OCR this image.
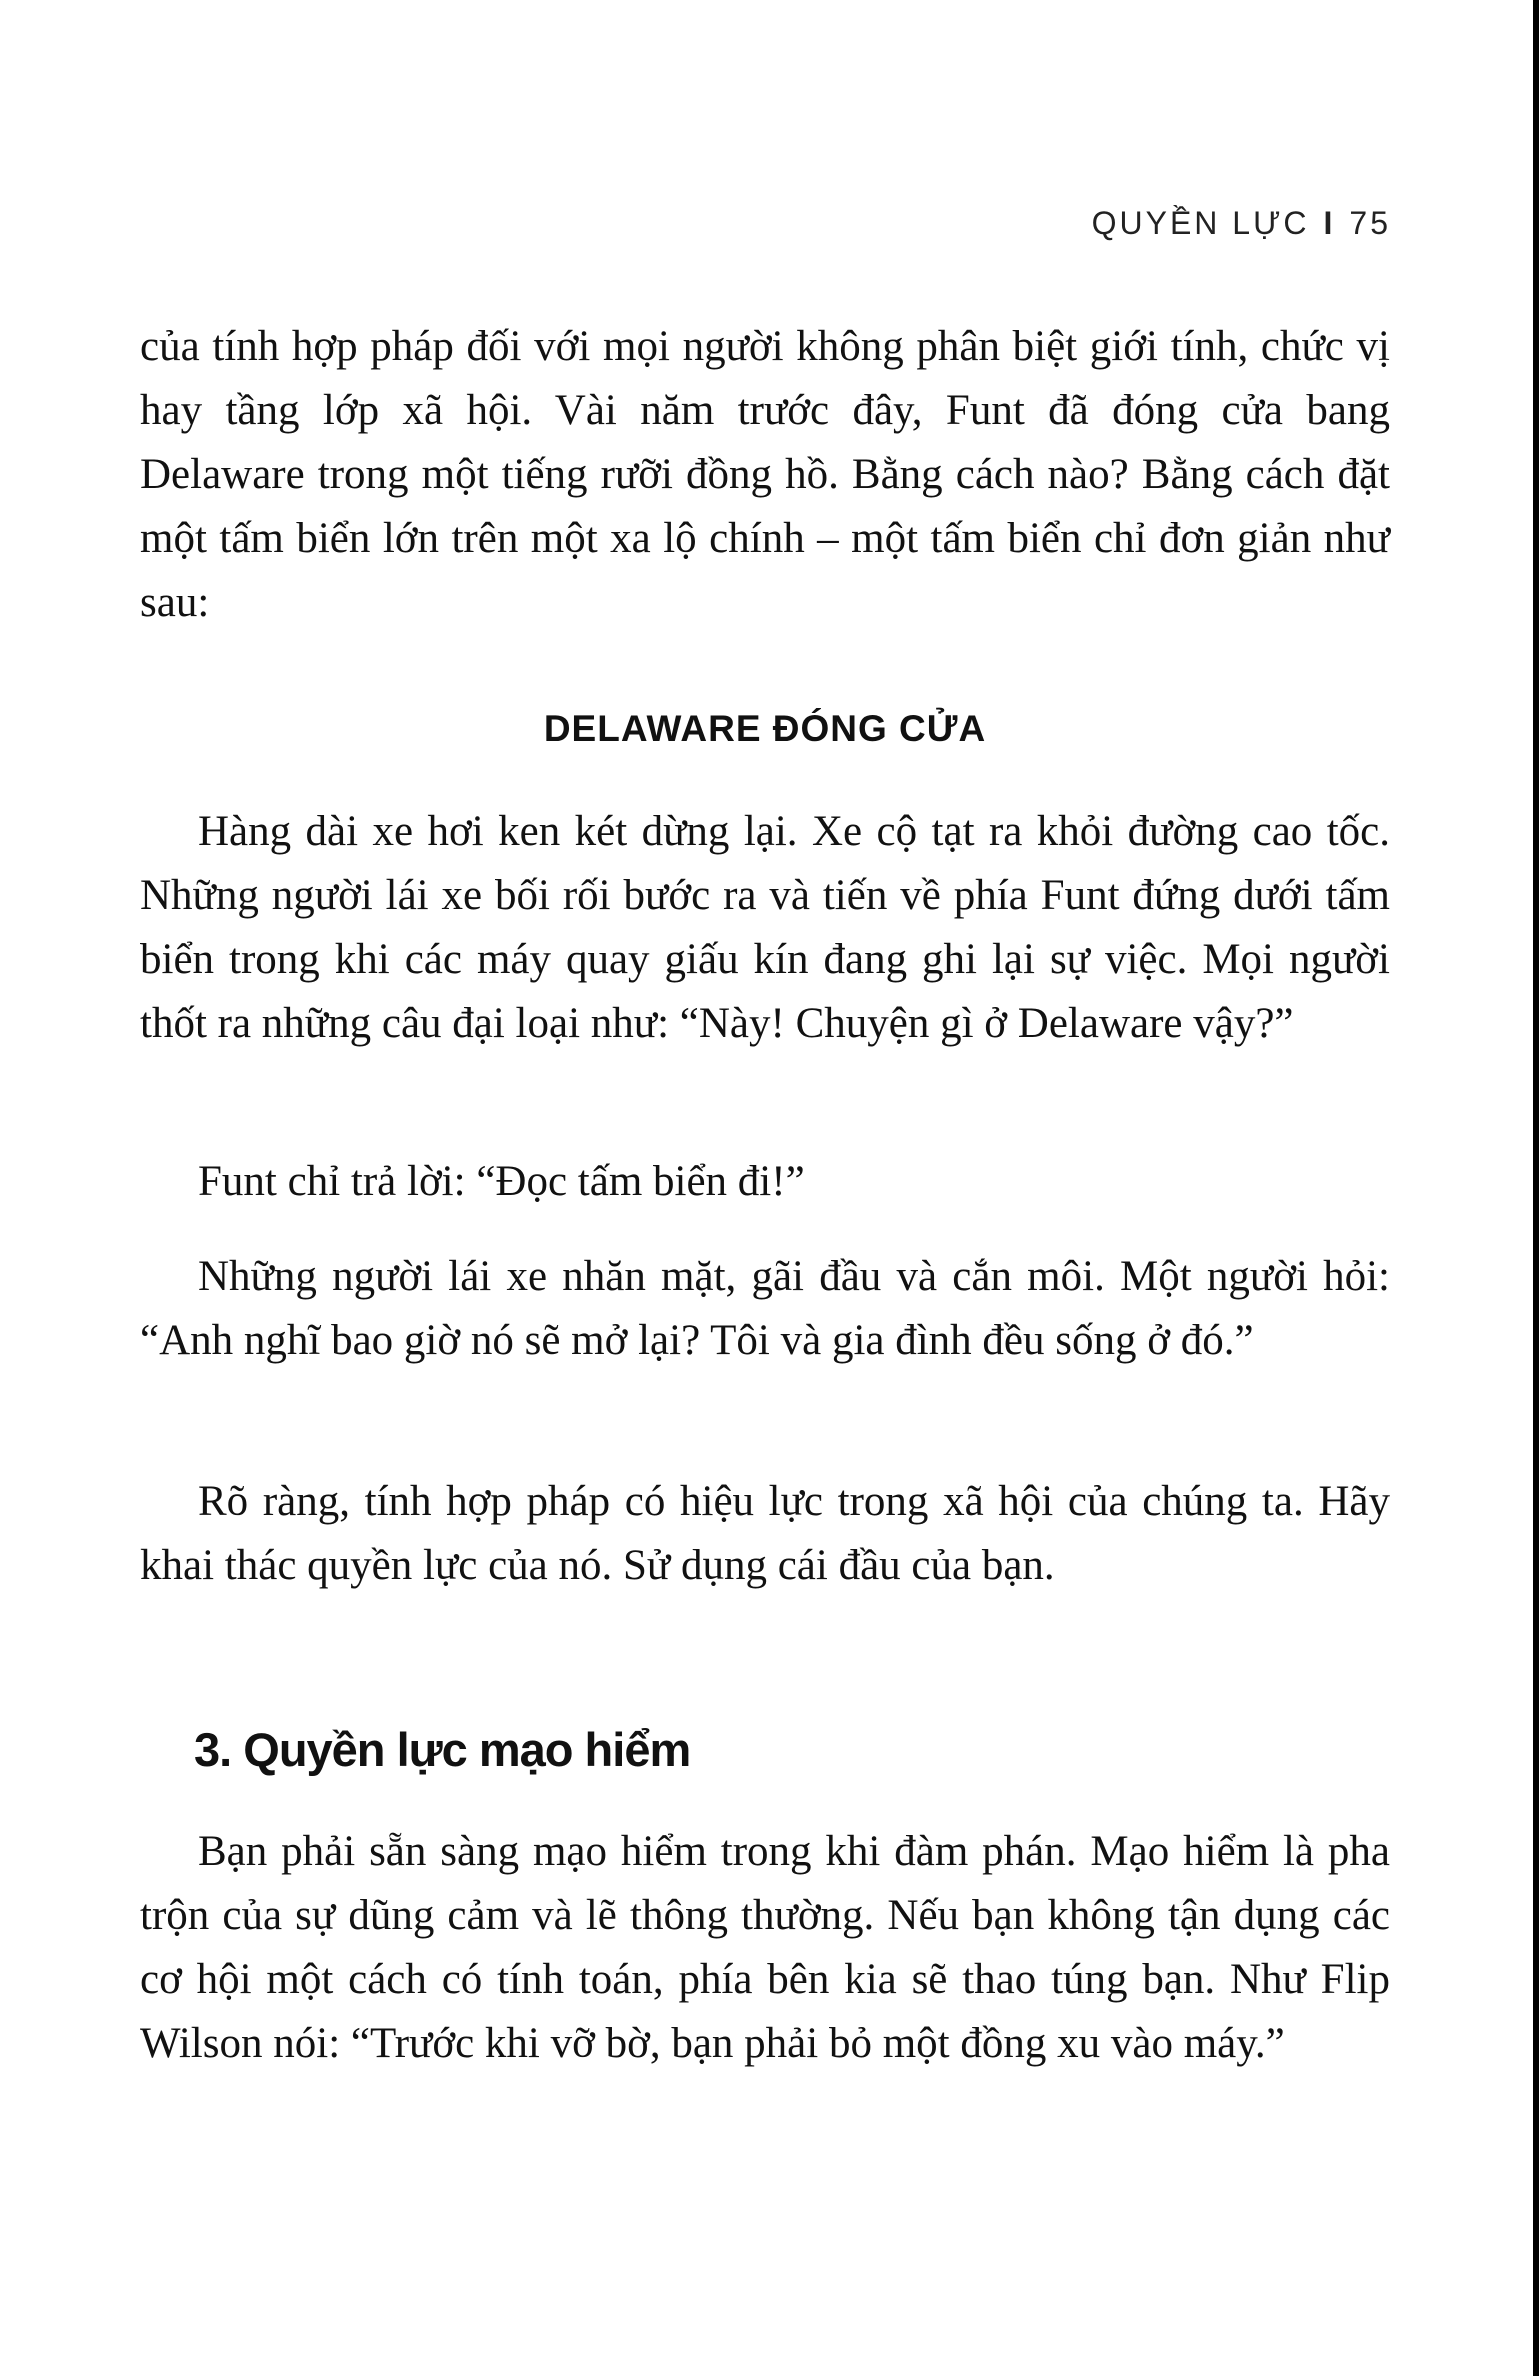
QUYỀN LỰC I 75

của tính hợp pháp đối với mọi người không phân biệt giới tính, chức vị hay tầng lớp xã hội. Vài năm trước đây, Funt đã đóng cửa bang Delaware trong một tiếng rưỡi đồng hồ. Bằng cách nào? Bằng cách đặt một tấm biển lớn trên một xa lộ chính – một tấm biển chỉ đơn giản như sau:

DELAWARE ĐÓNG CỬA

Hàng dài xe hơi ken két dừng lại. Xe cộ tạt ra khỏi đường cao tốc. Những người lái xe bối rối bước ra và tiến về phía Funt đứng dưới tấm biển trong khi các máy quay giấu kín đang ghi lại sự việc. Mọi người thốt ra những câu đại loại như: “Này! Chuyện gì ở Delaware vậy?”

Funt chỉ trả lời: “Đọc tấm biển đi!”

Những người lái xe nhăn mặt, gãi đầu và cắn môi. Một người hỏi: “Anh nghĩ bao giờ nó sẽ mở lại? Tôi và gia đình đều sống ở đó.”

Rõ ràng, tính hợp pháp có hiệu lực trong xã hội của chúng ta. Hãy khai thác quyền lực của nó. Sử dụng cái đầu của bạn.

3. Quyền lực mạo hiểm

Bạn phải sẵn sàng mạo hiểm trong khi đàm phán. Mạo hiểm là pha trộn của sự dũng cảm và lẽ thông thường. Nếu bạn không tận dụng các cơ hội một cách có tính toán, phía bên kia sẽ thao túng bạn. Như Flip Wilson nói: “Trước khi vỡ bờ, bạn phải bỏ một đồng xu vào máy.”
